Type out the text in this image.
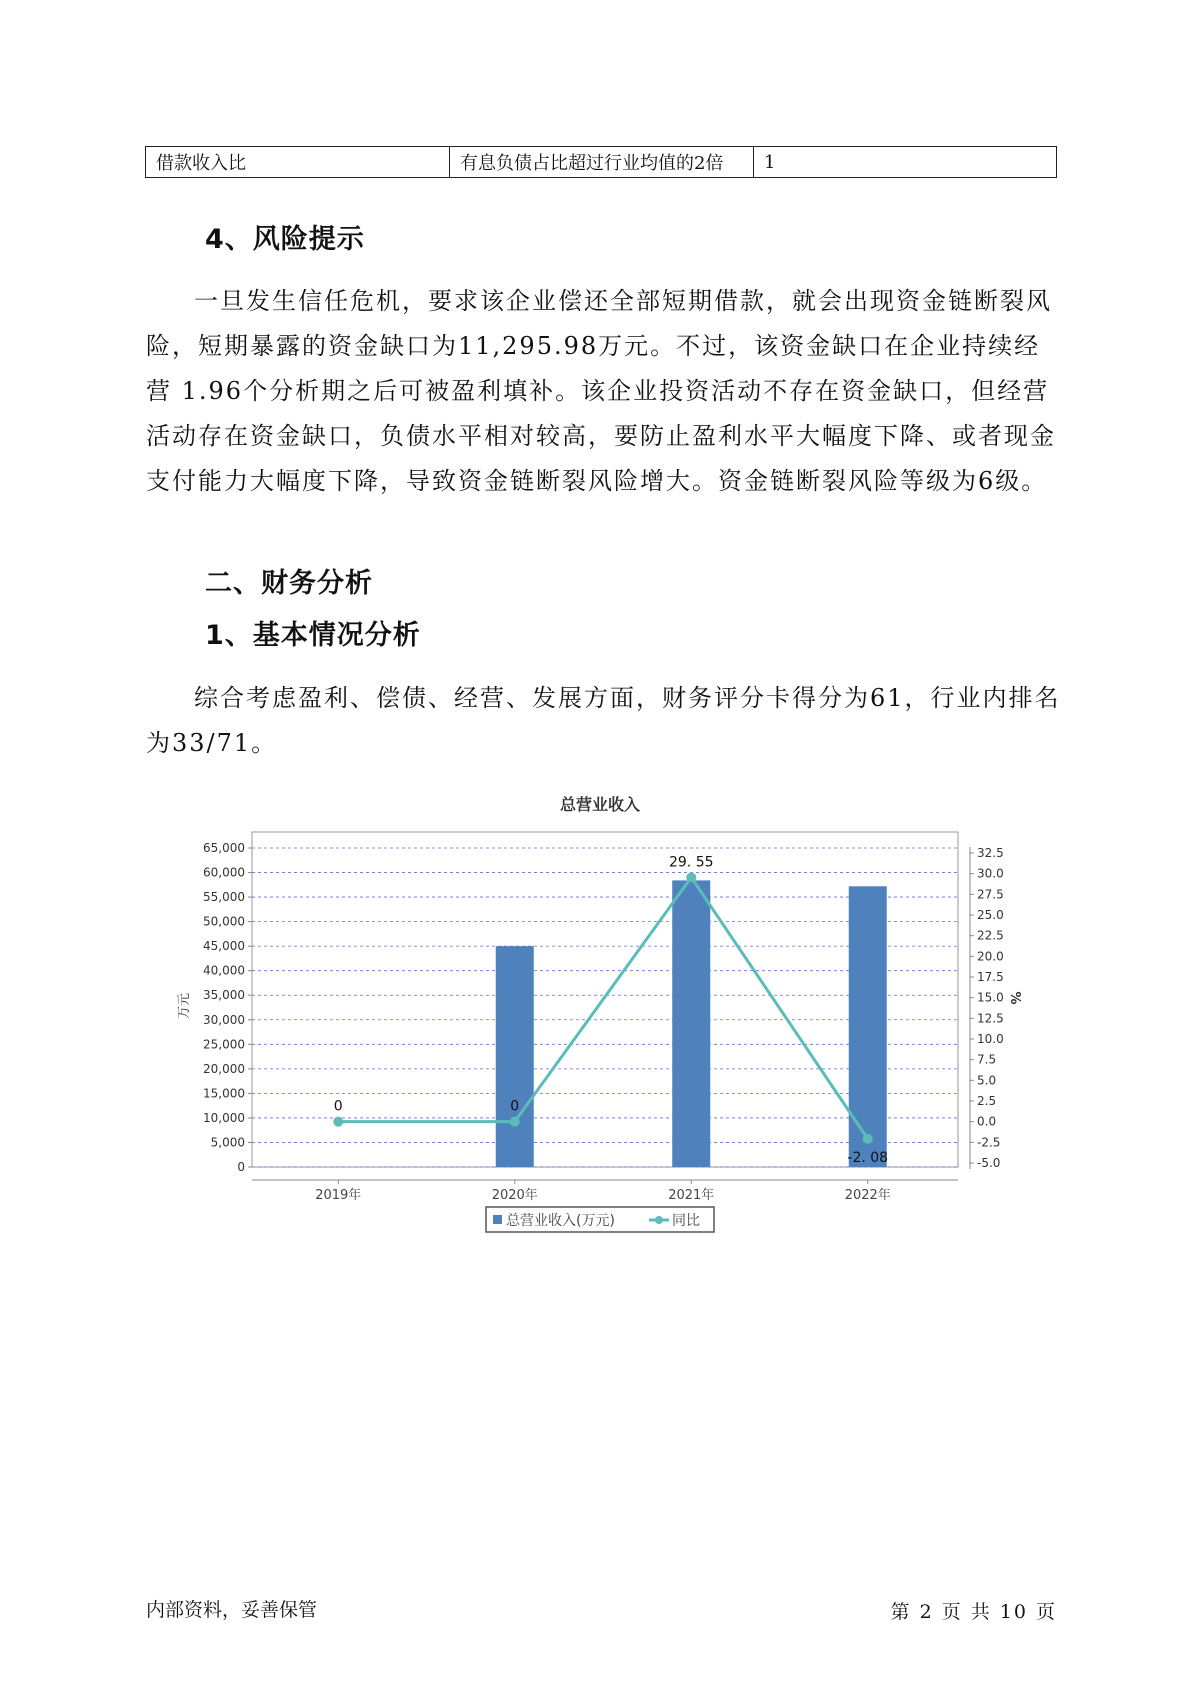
借款收入比	有息负债占比超过行业均值的2倍	1
4、风险提示

一旦发生信任危机，要求该企业偿还全部短期借款，就会出现资金链断裂风险，短期暴露的资金缺口为11,295.98万元。不过，该资金缺口在企业持续经营 1.96个分析期之后可被盈利填补。该企业投资活动不存在资金缺口，但经营活动存在资金缺口，负债水平相对较高，要防止盈利水平大幅度下降、或者现金支付能力大幅度下降，导致资金链断裂风险增大。资金链断裂风险等级为6级。

二、财务分析
1、基本情况分析

综合考虑盈利、偿债、经营、发展方面，财务评分卡得分为61，行业内排名为33/71。

总营业收入
0
5,000
10,000
15,000
20,000
25,000
30,000
35,000
40,000
45,000
50,000
55,000
60,000
65,000
万元
-5.0
-2.5
0.0
2.5
5.0
7.5
10.0
12.5
15.0
17.5
20.0
22.5
25.0
27.5
30.0
32.5
%
2019年	2020年	2021年	2022年
0	0
29. 55
-2. 08
总营业收入(万元)	同比
内部资料，妥善保管	第 2 页 共 10 页
